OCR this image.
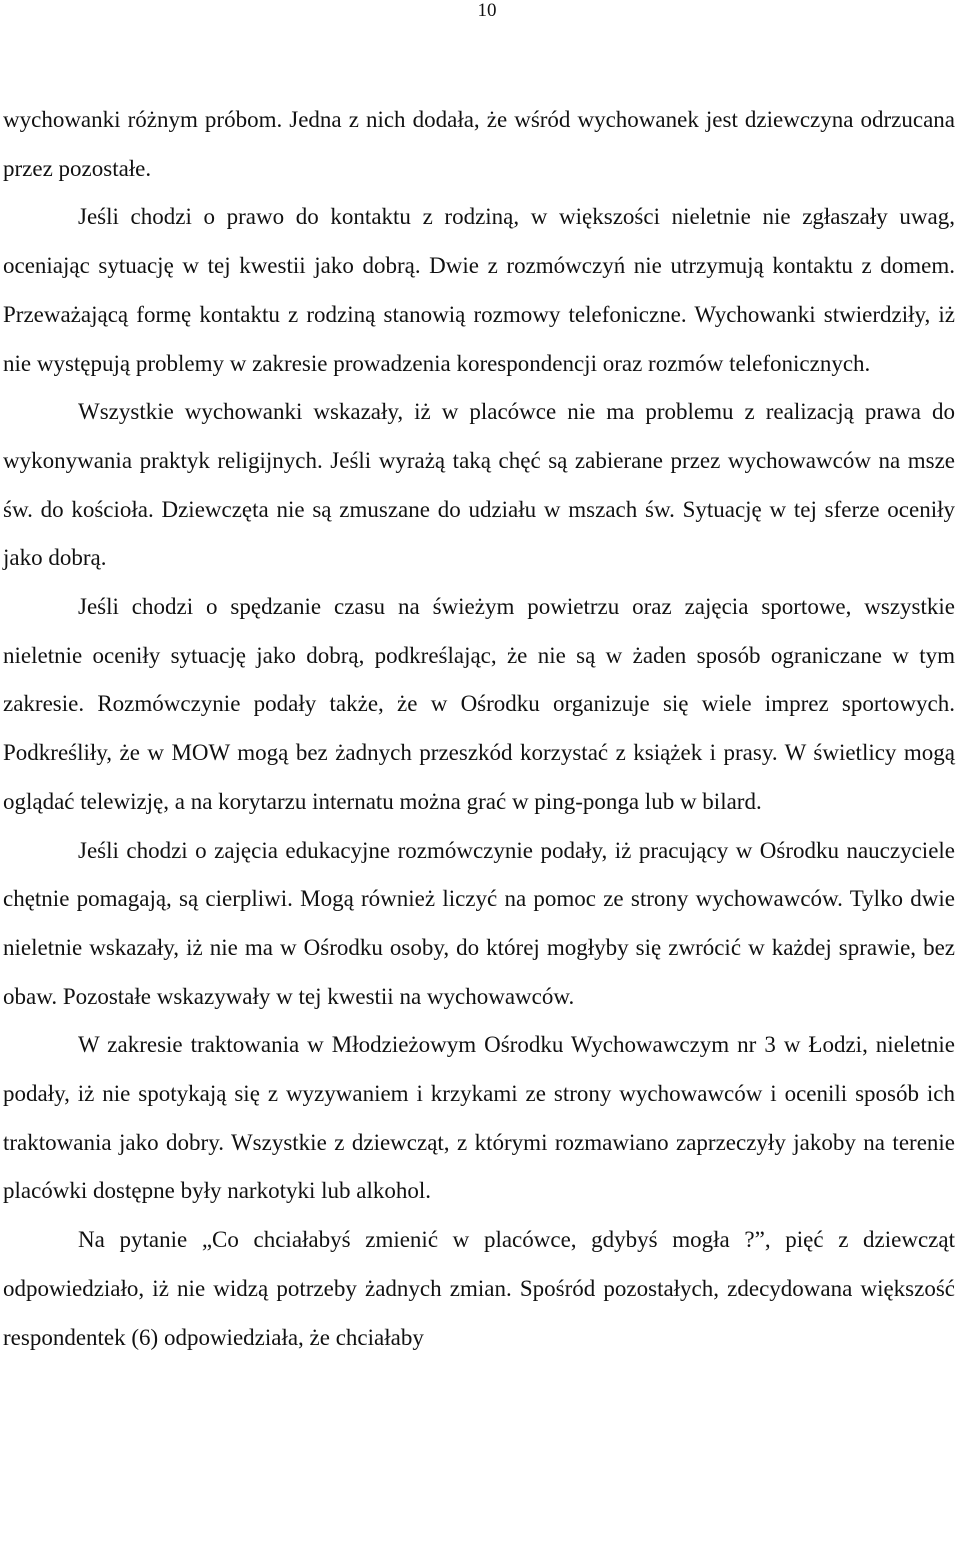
10

wychowanki różnym próbom. Jedna z nich dodała, że wśród wychowanek jest dziewczyna odrzucana przez pozostałe.

Jeśli chodzi o prawo do kontaktu z rodziną, w większości nieletnie nie zgłaszały uwag, oceniając sytuację w tej kwestii jako dobrą. Dwie z rozmówczyń nie utrzymują kontaktu z domem. Przeważającą formę kontaktu z rodziną stanowią rozmowy telefoniczne. Wychowanki stwierdziły, iż nie występują problemy w zakresie prowadzenia korespondencji oraz rozmów telefonicznych.

Wszystkie wychowanki wskazały, iż w placówce nie ma problemu z realizacją prawa do wykonywania praktyk religijnych. Jeśli wyrażą taką chęć są zabierane przez wychowawców na msze św. do kościoła. Dziewczęta nie są zmuszane do udziału w mszach św. Sytuację w tej sferze oceniły jako dobrą.

Jeśli chodzi o spędzanie czasu na świeżym powietrzu oraz zajęcia sportowe, wszystkie nieletnie oceniły sytuację jako dobrą, podkreślając, że nie są w żaden sposób ograniczane w tym zakresie. Rozmówczynie podały także, że w Ośrodku organizuje się wiele imprez sportowych. Podkreśliły, że w MOW mogą bez żadnych przeszkód korzystać z książek i prasy. W świetlicy mogą oglądać telewizję, a na korytarzu internatu można grać w ping-ponga lub w bilard.

Jeśli chodzi o zajęcia edukacyjne rozmówczynie podały, iż pracujący w Ośrodku nauczyciele chętnie pomagają, są cierpliwi. Mogą również liczyć na pomoc ze strony wychowawców. Tylko dwie nieletnie wskazały, iż nie ma w Ośrodku osoby, do której mogłyby się zwrócić w każdej sprawie, bez obaw. Pozostałe wskazywały w tej kwestii na wychowawców.

W zakresie traktowania w Młodzieżowym Ośrodku Wychowawczym nr 3 w Łodzi, nieletnie podały, iż nie spotykają się z wyzywaniem i krzykami ze strony wychowawców i ocenili sposób ich traktowania jako dobry. Wszystkie z dziewcząt, z którymi rozmawiano zaprzeczyły jakoby na terenie placówki dostępne były narkotyki lub alkohol.

Na pytanie „Co chciałabyś zmienić w placówce, gdybyś mogła ?”, pięć z dziewcząt odpowiedziało, iż nie widzą potrzeby żadnych zmian. Spośród pozostałych, zdecydowana większość respondentek (6) odpowiedziała, że chciałaby
